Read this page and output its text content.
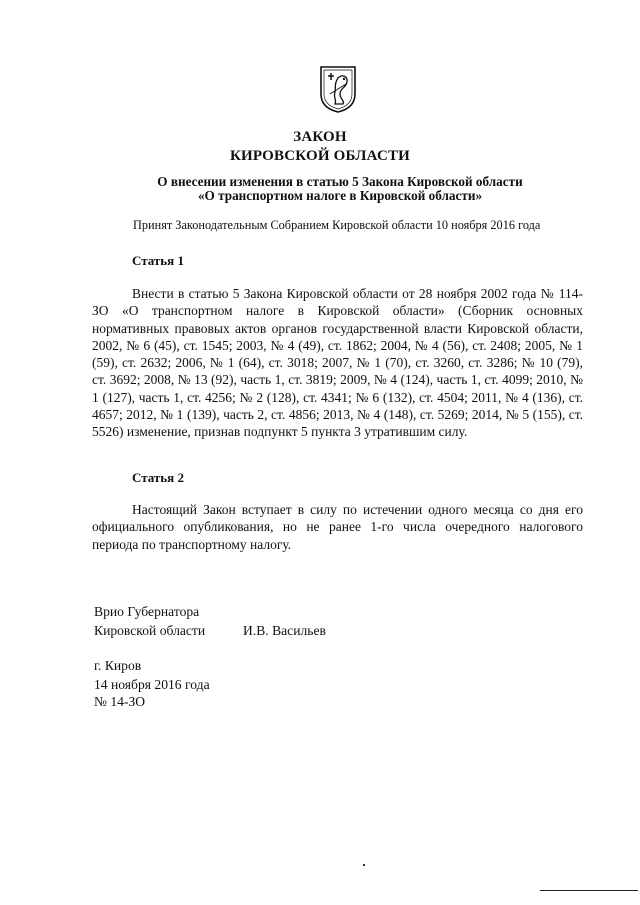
ЗАКОН
КИРОВСКОЙ ОБЛАСТИ
О внесении изменения в статью 5 Закона Кировской области
«О транспортном налоге в Кировской области»
Принят Законодательным Собранием Кировской области 10 ноября 2016 года
Статья 1
Внести в статью 5 Закона Кировской области от 28 ноября 2002 года № 114-ЗО «О транспортном налоге в Кировской области» (Сборник основных нормативных правовых актов органов государственной власти Кировской области, 2002, № 6 (45), ст. 1545; 2003, № 4 (49), ст. 1862; 2004, № 4 (56), ст. 2408; 2005, № 1 (59), ст. 2632; 2006, № 1 (64), ст. 3018; 2007, № 1 (70), ст. 3260, ст. 3286; № 10 (79), ст. 3692; 2008, № 13 (92), часть 1, ст. 3819; 2009, № 4 (124), часть 1, ст. 4099; 2010, № 1 (127), часть 1, ст. 4256; № 2 (128), ст. 4341; № 6 (132), ст. 4504; 2011, № 4 (136), ст. 4657; 2012, № 1 (139), часть 2, ст. 4856; 2013, № 4 (148), ст. 5269; 2014, № 5 (155), ст. 5526) изменение, признав подпункт 5 пункта 3 утратившим силу.
Статья 2
Настоящий Закон вступает в силу по истечении одного месяца со дня его официального опубликования, но не ранее 1-го числа очередного налогового периода по транспортному налогу.
Врио Губернатора
Кировской области	И.В. Васильев
г. Киров
14 ноября 2016 года
№ 14-ЗО
